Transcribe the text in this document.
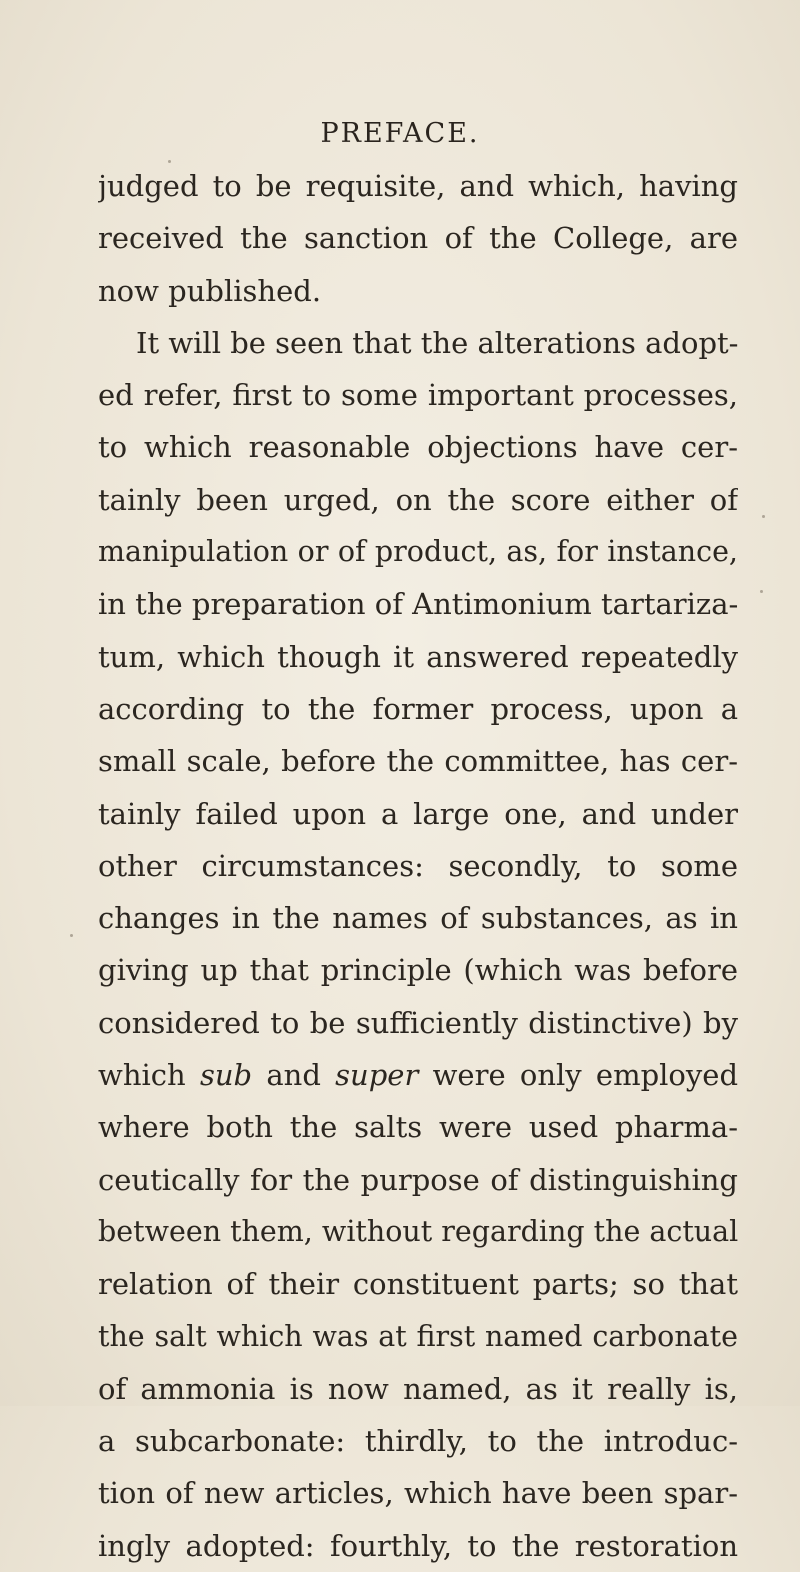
PREFACE.
judged to be requisite, and which, having
received the sanction of the College, are
now published.
It will be seen that the alterations adopt-
ed refer, first to some important processes,
to which reasonable objections have cer-
tainly been urged, on the score either of
manipulation or of product, as, for instance,
in the preparation of Antimonium tartariza-
tum, which though it answered repeatedly
according to the former process, upon a
small scale, before the committee, has cer-
tainly failed upon a large one, and under
other circumstances: secondly, to some
changes in the names of substances, as in
giving up that principle (which was before
considered to be sufficiently distinctive) by
which sub and super were only employed
where both the salts were used pharma-
ceutically for the purpose of distinguishing
between them, without regarding the actual
relation of their constituent parts; so that
the salt which was at first named carbonate
of ammonia is now named, as it really is,
a subcarbonate: thirdly, to the introduc-
tion of new articles, which have been spar-
ingly adopted: fourthly, to the restoration
